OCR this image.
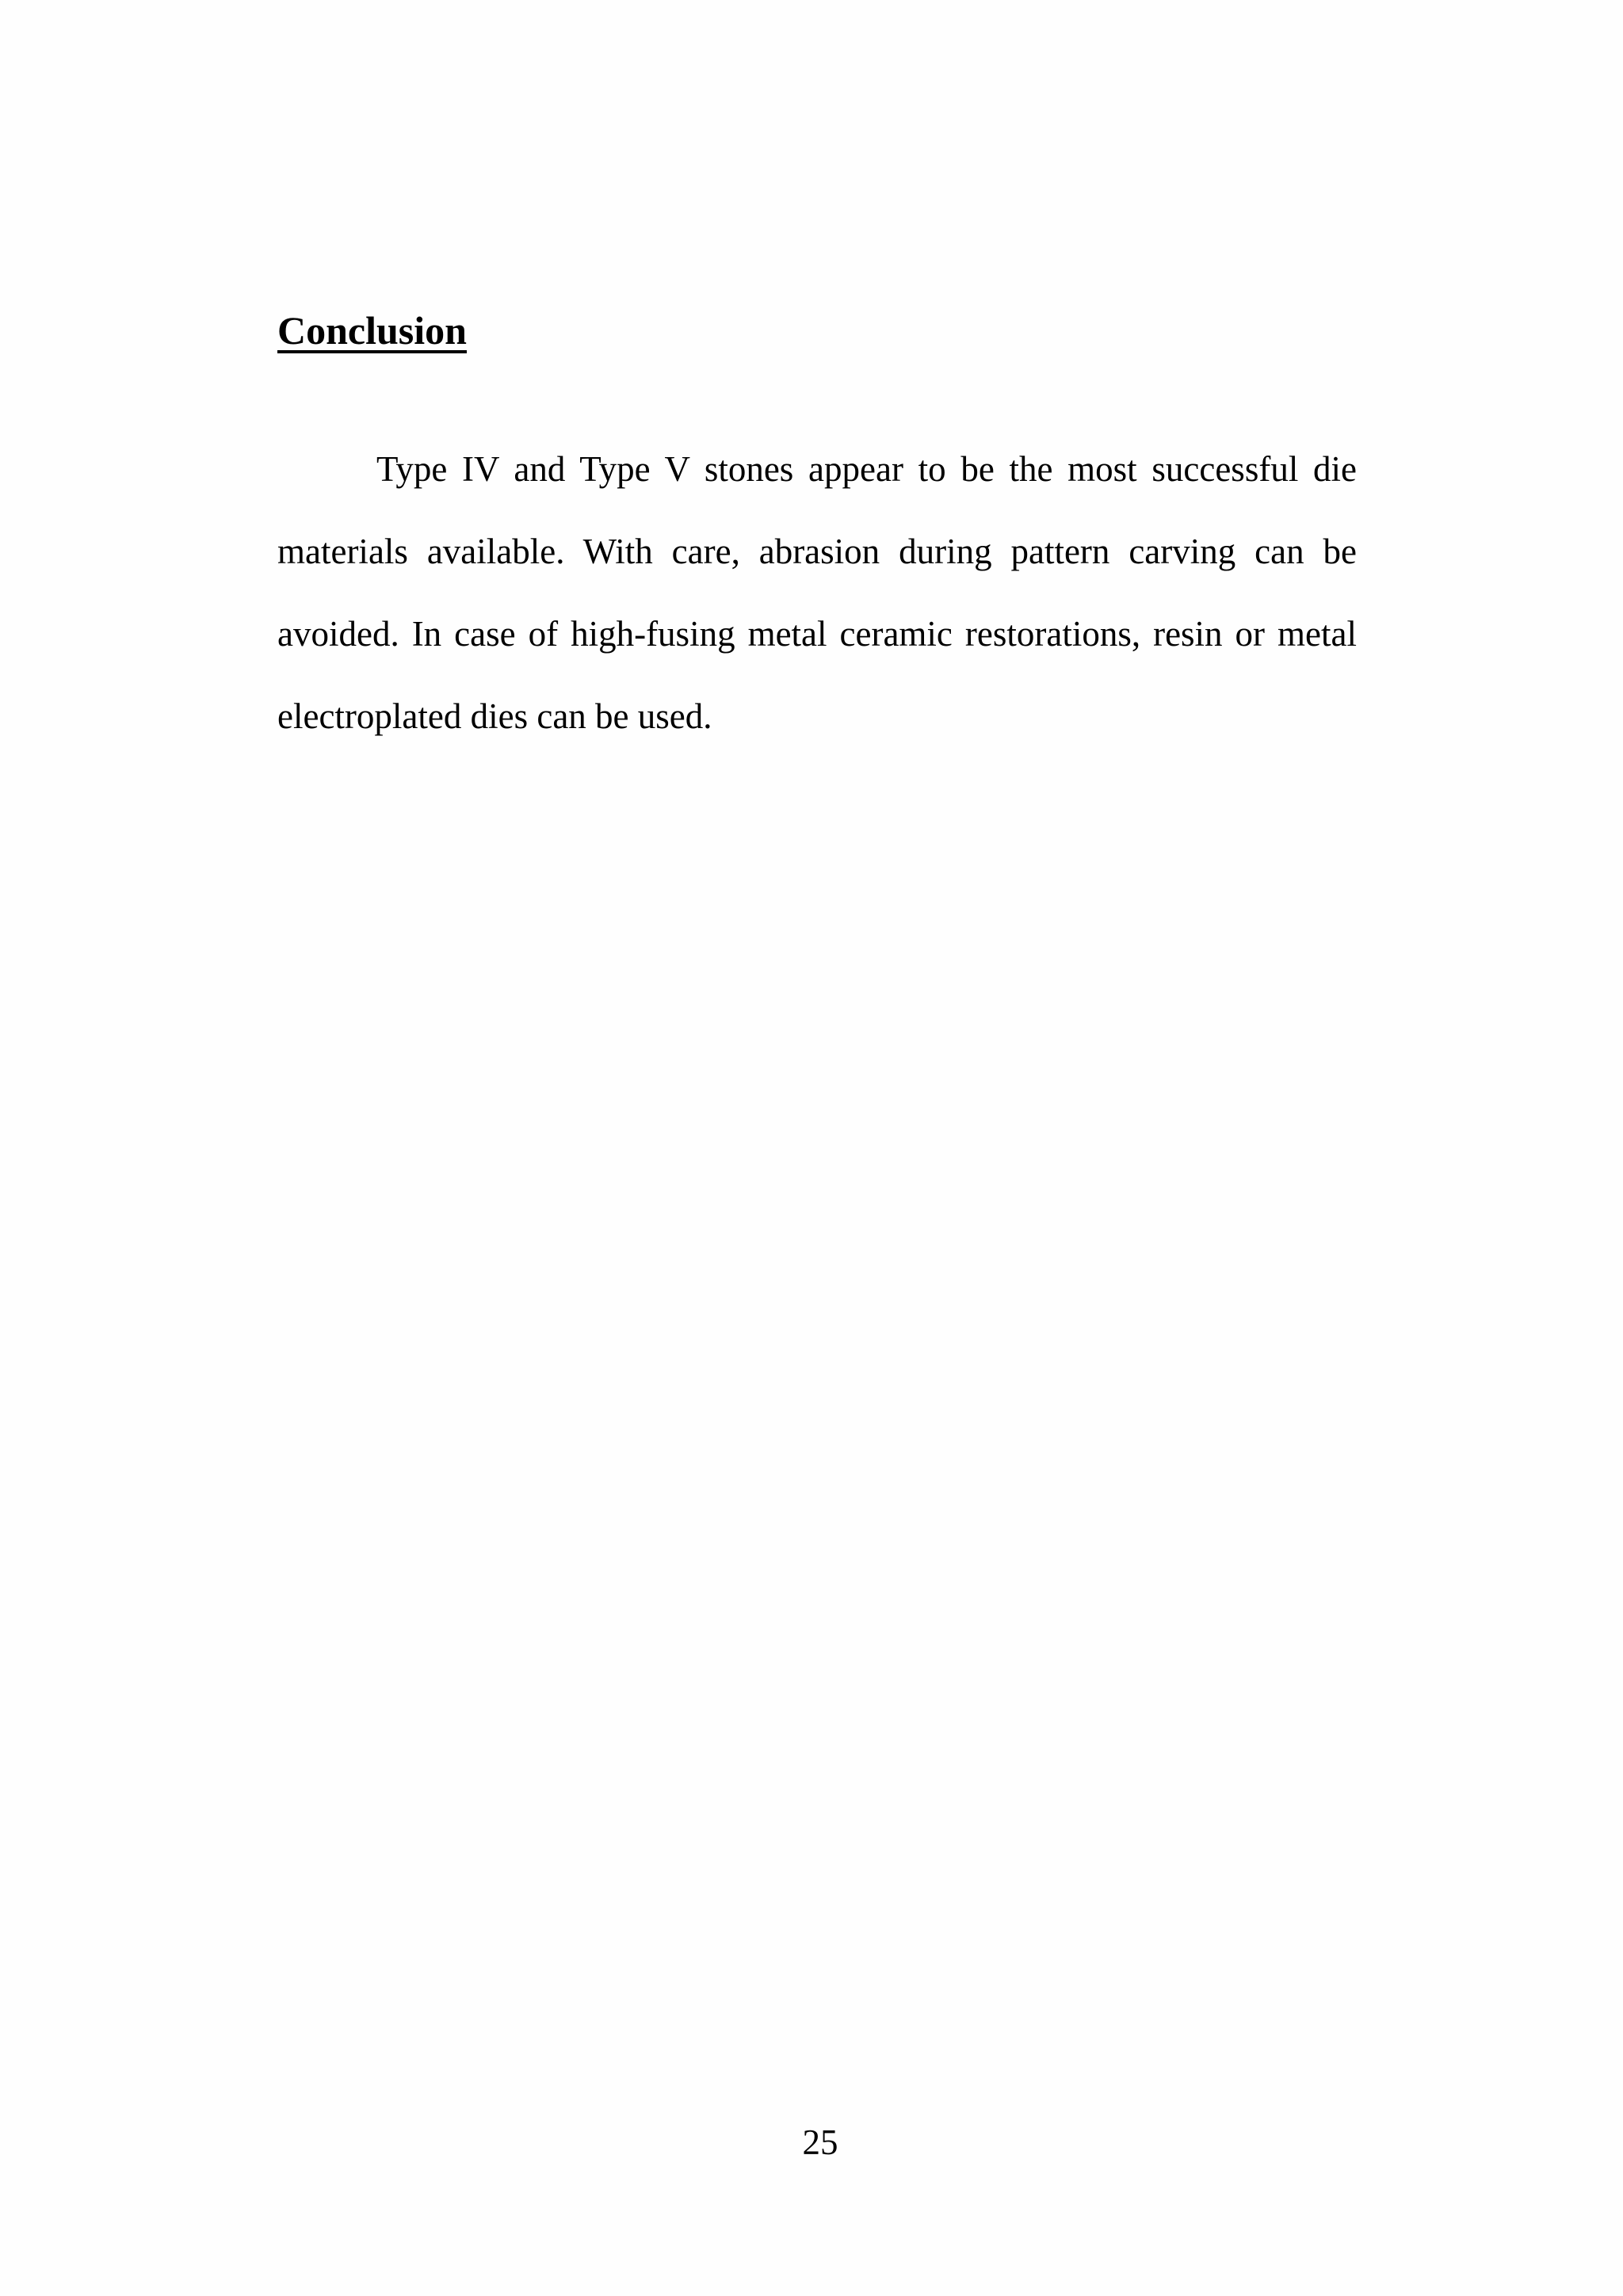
Conclusion

Type IV and Type V stones appear to be the most successful die materials available. With care, abrasion during pattern carving can be avoided. In case of high-fusing metal ceramic restorations, resin or metal electroplated dies can be used.

25
